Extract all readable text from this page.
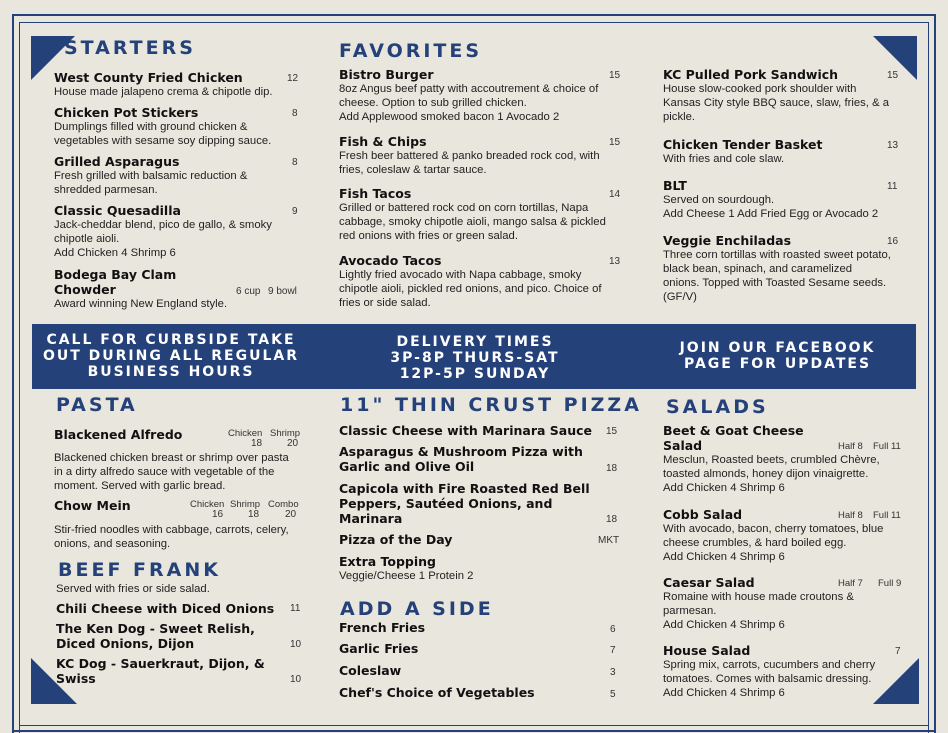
STARTERS
West County Fried Chicken
House made jalapeno crema & chipotle dip.
12
Chicken Pot Stickers
Dumplings filled with ground chicken &
vegetables with sesame soy dipping sauce.
8
Grilled Asparagus
Fresh grilled with balsamic reduction &
shredded parmesan.
8
Classic Quesadilla
Jack-cheddar blend, pico de gallo, & smoky
chipotle aioli.
Add Chicken 4 Shrimp 6
9
Bodega Bay Clam
Chowder
Award winning New England style.
6 cup 9 bowl
FAVORITES
Bistro Burger
8oz Angus beef patty with accoutrement & choice of
cheese. Option to sub grilled chicken.
Add Applewood smoked bacon 1 Avocado 2
15
Fish & Chips
Fresh beer battered & panko breaded rock cod, with
fries, coleslaw & tartar sauce.
15
Fish Tacos
Grilled or battered rock cod on corn tortillas, Napa
cabbage, smoky chipotle aioli, mango salsa & pickled
red onions with fries or green salad.
14
Avocado Tacos
Lightly fried avocado with Napa cabbage, smoky
chipotle aioli, pickled red onions, and pico. Choice of
fries or side salad.
13
KC Pulled Pork Sandwich
House slow-cooked pork shoulder with
Kansas City style BBQ sauce, slaw, fries, & a
pickle.
15
Chicken Tender Basket
With fries and cole slaw.
13
BLT
Served on sourdough.
Add Cheese 1 Add Fried Egg or Avocado 2
11
Veggie Enchiladas
Three corn tortillas with roasted sweet potato,
black bean, spinach, and caramelized
onions. Topped with Toasted Sesame seeds.
(GF/V)
16
CALL FOR CURBSIDE TAKE
OUT DURING ALL REGULAR
BUSINESS HOURS
DELIVERY TIMES
3P-8P THURS-SAT
12P-5P SUNDAY
JOIN OUR FACEBOOK
PAGE FOR UPDATES
PASTA
Blackened Alfredo	Chicken Shrimp
18 20
Blackened chicken breast or shrimp over pasta
in a dirty alfredo sauce with vegetable of the
moment. Served with garlic bread.
Chow Mein	Chicken Shrimp Combo
16 18	20
Stir-fried noodles with cabbage, carrots, celery,
onions, and seasoning.
BEEF FRANK
Served with fries or side salad.
Chili Cheese with Diced Onions	11
The Ken Dog - Sweet Relish,
Diced Onions, Dijon	10
KC Dog - Sauerkraut, Dijon, &
Swiss	10
11" THIN CRUST PIZZA
Classic Cheese with Marinara Sauce	15
Asparagus & Mushroom Pizza with
Garlic and Olive Oil	18
Capicola with Fire Roasted Red Bell
Peppers, Sautéed Onions, and
Marinara	18
Pizza of the Day	MKT
Extra Topping
Veggie/Cheese 1 Protein 2
ADD A SIDE
French Fries	6
Garlic Fries	7
Coleslaw	3
Chef's Choice of Vegetables	5
SALADS
Beet & Goat Cheese
Salad
Mesclun, Roasted beets, crumbled Chèvre,
toasted almonds, honey dijon vinaigrette.
Add Chicken 4 Shrimp 6
Half 8 Full 11
Cobb Salad
With avocado, bacon, cherry tomatoes, blue
cheese crumbles, & hard boiled egg.
Add Chicken 4 Shrimp 6
Half 8 Full 11
Caesar Salad
Romaine with house made croutons &
parmesan.
Add Chicken 4 Shrimp 6
Half 7 Full 9
House Salad
Spring mix, carrots, cucumbers and cherry
tomatoes. Comes with balsamic dressing.
Add Chicken 4 Shrimp 6
7
